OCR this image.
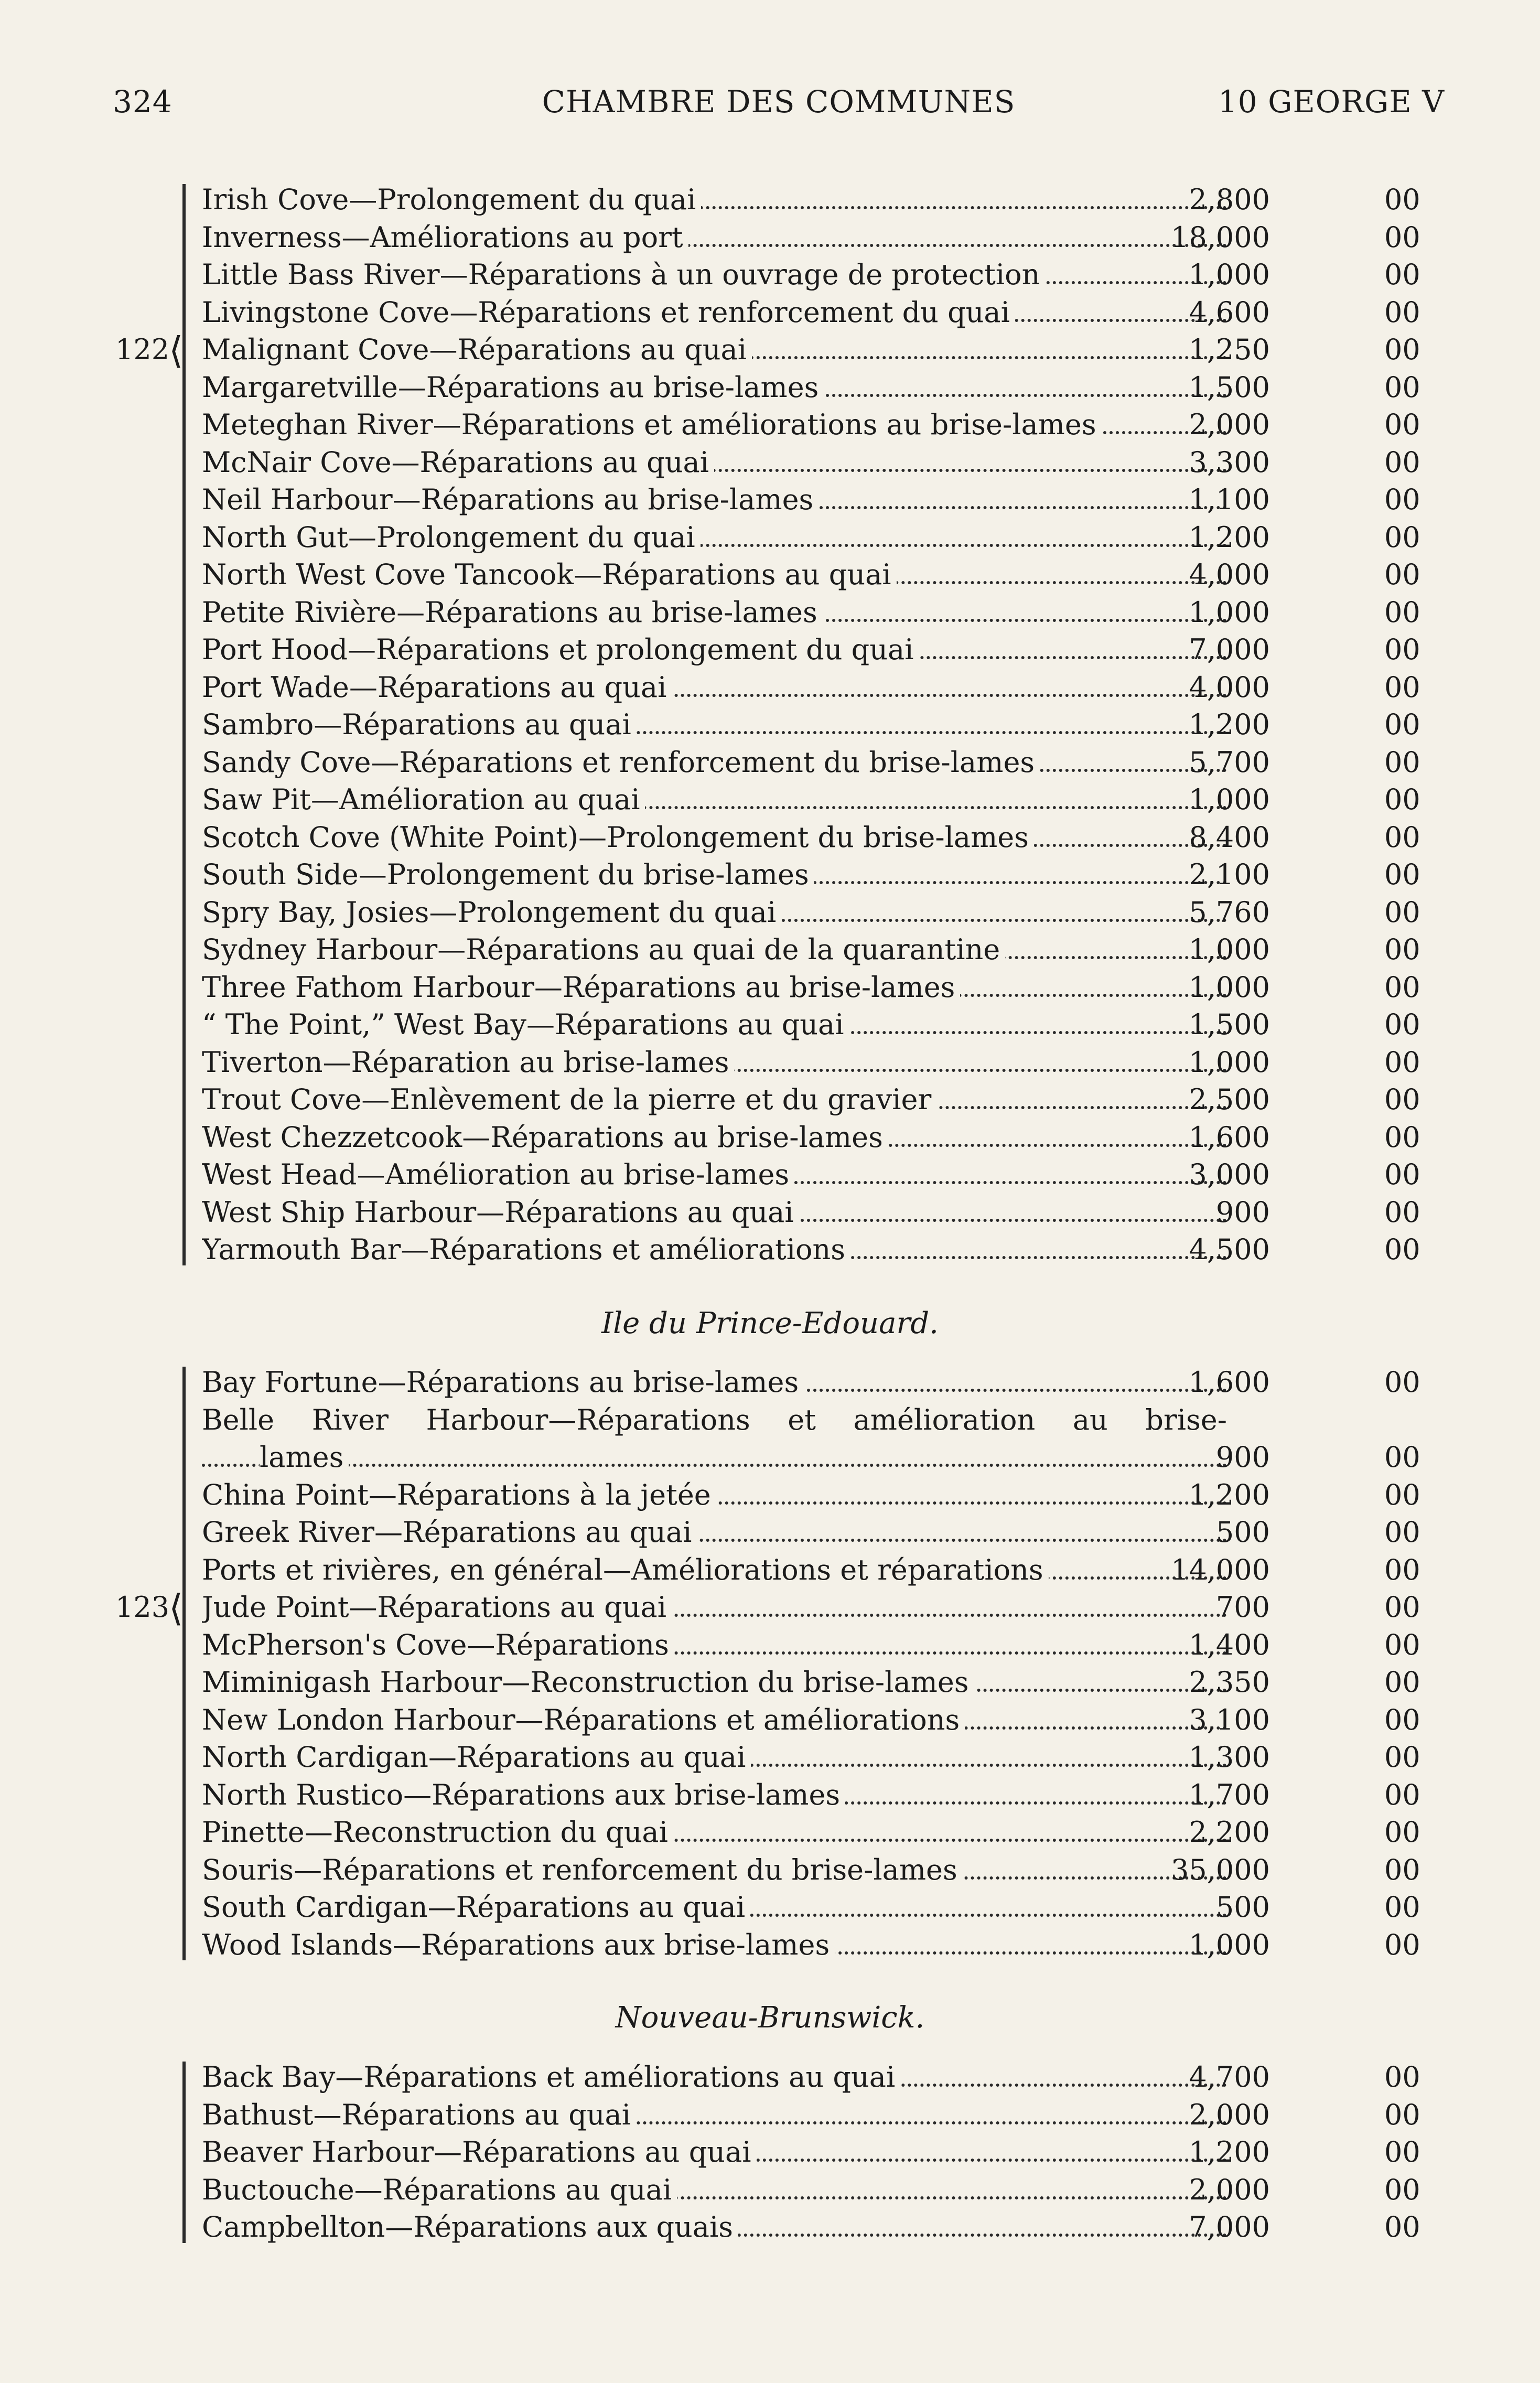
324	CHAMBRE DES COMMUNES	10 GEORGE V
122
⟨
Irish Cove—Prolongement du quai	2,800	00
Inverness—Améliorations au port	18,000	00
Little Bass River—Réparations à un ouvrage de protection	1,000	00
Livingstone Cove—Réparations et renforcement du quai	4,600	00
Malignant Cove—Réparations au quai	1,250	00
Margaretville—Réparations au brise-lames	1,500	00
Meteghan River—Réparations et améliorations au brise-lames	2,000	00
McNair Cove—Réparations au quai	3,300	00
Neil Harbour—Réparations au brise-lames	1,100	00
North Gut—Prolongement du quai	1,200	00
North West Cove Tancook—Réparations au quai	4,000	00
Petite Rivière—Réparations au brise-lames	1,000	00
Port Hood—Réparations et prolongement du quai	7,000	00
Port Wade—Réparations au quai	4,000	00
Sambro—Réparations au quai	1,200	00
Sandy Cove—Réparations et renforcement du brise-lames	5,700	00
Saw Pit—Amélioration au quai	1,000	00
Scotch Cove (White Point)—Prolongement du brise-lames	8,400	00
South Side—Prolongement du brise-lames	2,100	00
Spry Bay, Josies—Prolongement du quai	5,760	00
Sydney Harbour—Réparations au quai de la quarantine	1,000	00
Three Fathom Harbour—Réparations au brise-lames	1,000	00
“ The Point,” West Bay—Réparations au quai	1,500	00
Tiverton—Réparation au brise-lames	1,000	00
Trout Cove—Enlèvement de la pierre et du gravier	2,500	00
West Chezzetcook—Réparations au brise-lames	1,600	00
West Head—Amélioration au brise-lames	3,000	00
West Ship Harbour—Réparations au quai	900	00
Yarmouth Bar—Réparations et améliorations	4,500	00
Ile du Prince-Edouard.
123
⟨
Bay Fortune—Réparations au brise-lames	1,600	00
Belle River Harbour—Réparations et amélioration au brise-
lames	900	00
China Point—Réparations à la jetée	1,200	00
Greek River—Réparations au quai	500	00
Ports et rivières, en général—Améliorations et réparations	14,000	00
Jude Point—Réparations au quai	700	00
McPherson's Cove—Réparations	1,400	00
Miminigash Harbour—Reconstruction du brise-lames	2,350	00
New London Harbour—Réparations et améliorations	3,100	00
North Cardigan—Réparations au quai	1,300	00
North Rustico—Réparations aux brise-lames	1,700	00
Pinette—Reconstruction du quai	2,200	00
Souris—Réparations et renforcement du brise-lames	35,000	00
South Cardigan—Réparations au quai	500	00
Wood Islands—Réparations aux brise-lames	1,000	00
Nouveau-Brunswick.
Back Bay—Réparations et améliorations au quai	4,700	00
Bathust—Réparations au quai	2,000	00
Beaver Harbour—Réparations au quai	1,200	00
Buctouche—Réparations au quai	2,000	00
Campbellton—Réparations aux quais	7,000	00
